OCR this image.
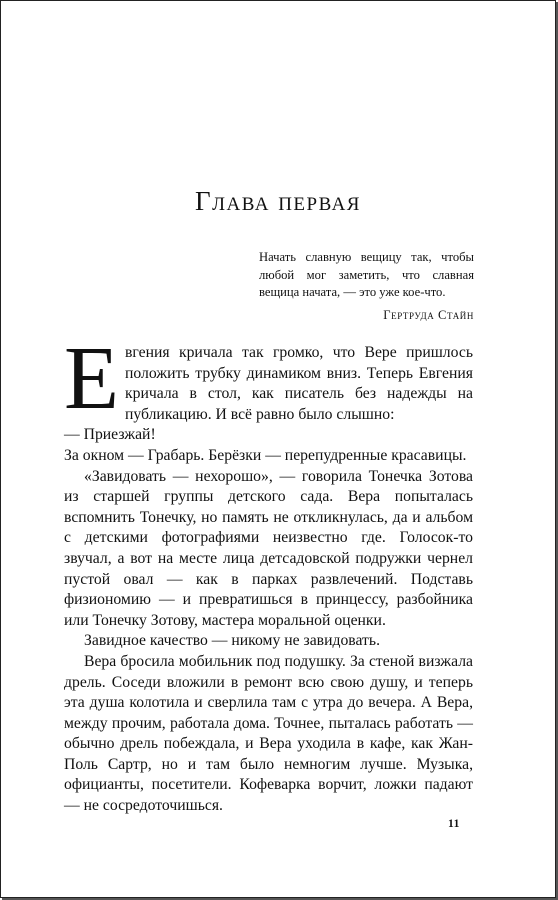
Глава первая

Начать славную вещицу так, чтобы любой мог заметить, что славная вещица начата, — это уже кое-что.

Гертруда Стайн

Евгения кричала так громко, что Вере пришлось положить трубку динамиком вниз. Теперь Евгения кричала в стол, как писатель без надежды на публикацию. И всё равно было слышно:

— Приезжай!

За окном — Грабарь. Берёзки — перепудренные красавицы.

«Завидовать — нехорошо», — говорила Тонечка Зотова из старшей группы детского сада. Вера попыталась вспомнить Тонечку, но память не откликнулась, да и альбом с детскими фотографиями неизвестно где. Голосок-то звучал, а вот на месте лица детсадовской подружки чернел пустой овал — как в парках развлечений. Подставь физиономию — и превратишься в принцессу, разбойника или Тонечку Зотову, мастера моральной оценки.

Завидное качество — никому не завидовать.

Вера бросила мобильник под подушку. За стеной визжала дрель. Соседи вложили в ремонт всю свою душу, и теперь эта душа колотила и сверлила там с утра до вечера. А Вера, между прочим, работала дома. Точнее, пыталась работать — обычно дрель побеждала, и Вера уходила в кафе, как Жан-Поль Сартр, но и там было немногим лучше. Музыка, официанты, посетители. Кофеварка ворчит, ложки падают — не сосредоточишься.

11
